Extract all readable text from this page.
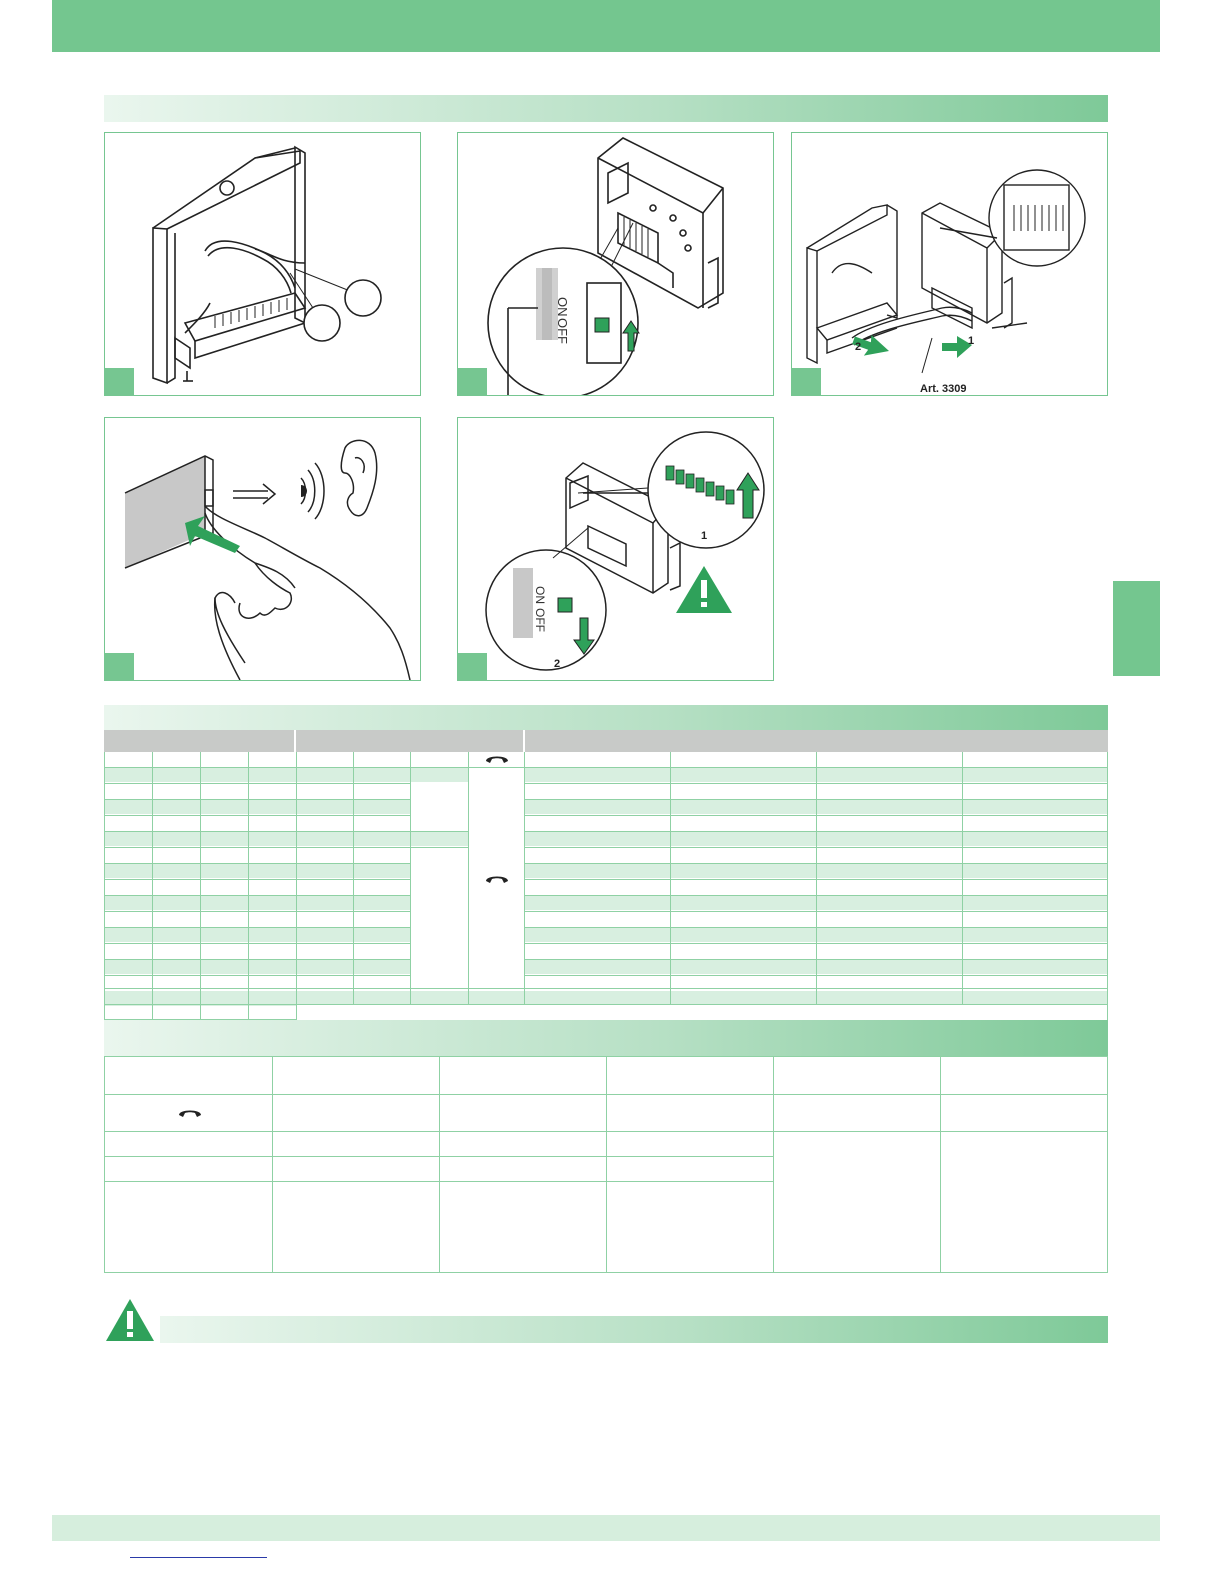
ON
OFF	1
2
Art. 3309
ON
OFF
1
2
